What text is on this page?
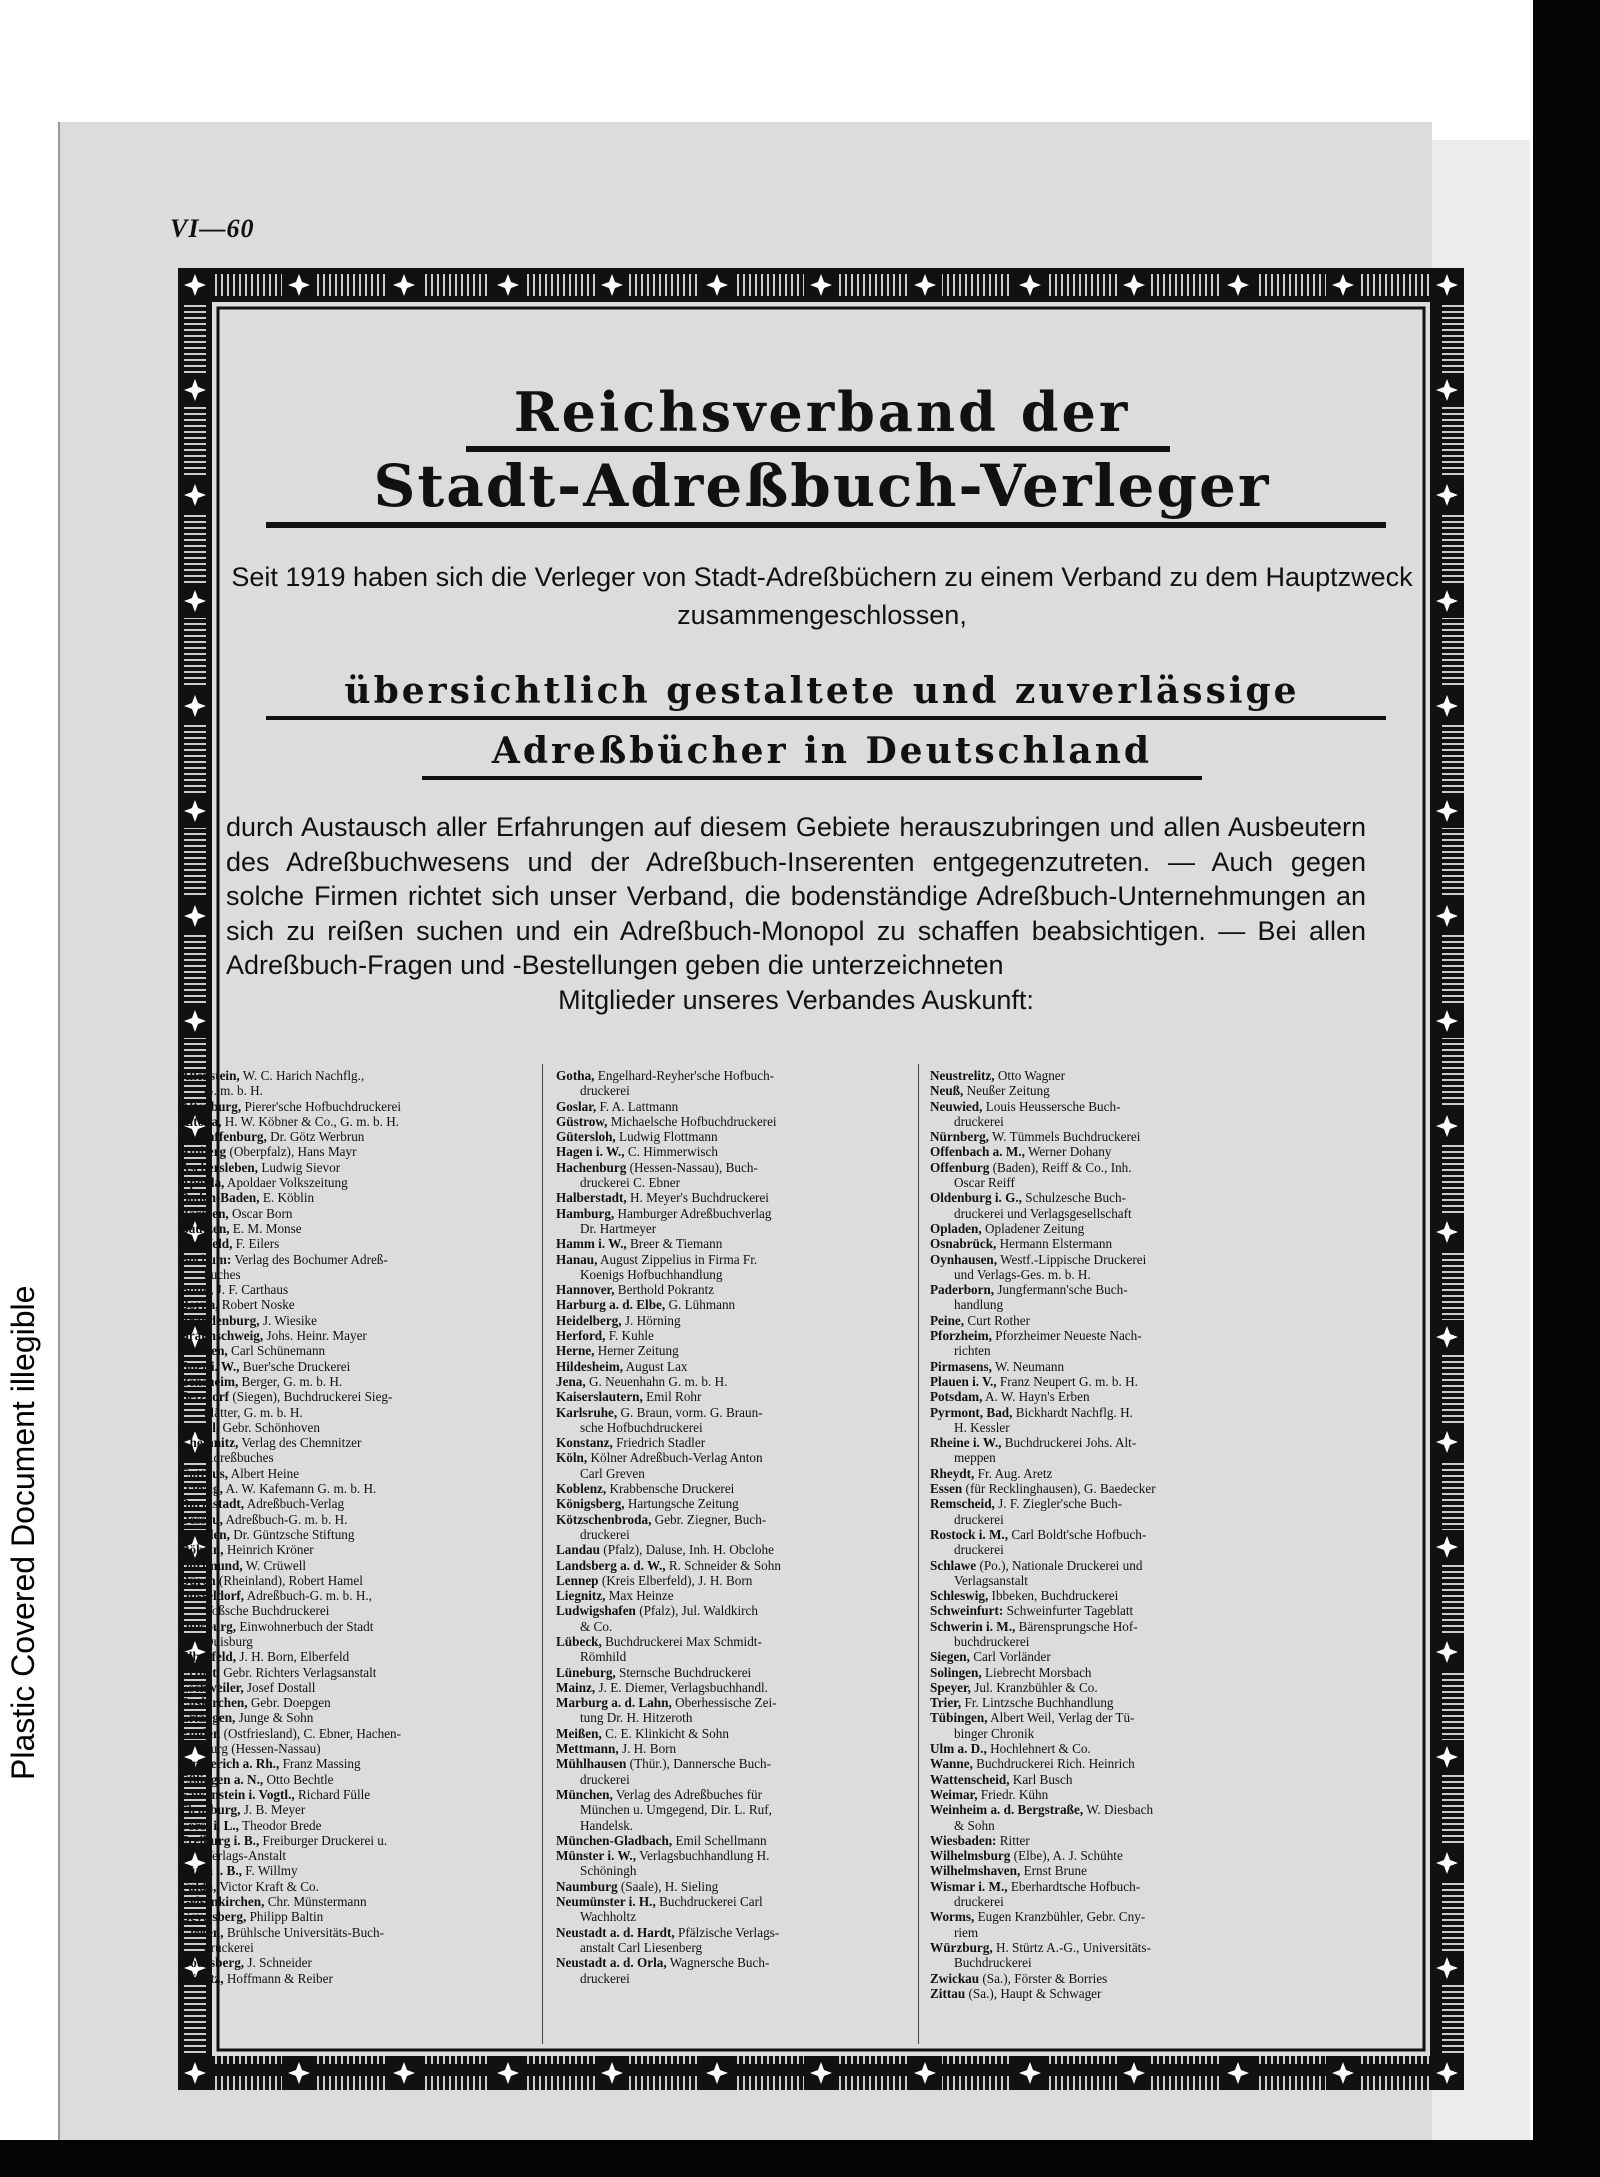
Plastic Covered Document illegible
VI—60
Reichsverband der
Stadt-Adreßbuch-Verleger
Seit 1919 haben sich die Verleger von Stadt-Adreßbüchern zu einem Verband zu dem Hauptzweck zusammengeschlossen,
übersichtlich gestaltete und zuverlässige
Adreßbücher in Deutschland
durch Austausch aller Erfahrungen auf diesem Gebiete herauszubringen und allen Ausbeutern des Adreßbuchwesens und der Adreßbuch-Inserenten entgegenzutreten. — Auch gegen solche Firmen richtet sich unser Verband, die bodenständige Adreßbuch-Unternehmungen an sich zu reißen suchen und ein Adreßbuch-Monopol zu schaffen beabsichtigen. — Bei allen Adreßbuch-Fragen und -Bestellungen geben die unterzeichneten
Mitglieder unseres Verbandes Auskunft:
Allenstein, W. C. Harich Nachflg.,
G. m. b. H.
Altenburg, Pierer'sche Hofbuchdruckerei
Altona, H. W. Köbner & Co., G. m. b. H.
Aschaffenburg, Dr. Götz Werbrun
Amberg (Oberpfalz), Hans Mayr
Aschersleben, Ludwig Sievor
Apolda, Apoldaer Volkszeitung
Baden-Baden, E. Köblin
Barmen, Oscar Born
Bautzen, E. M. Monse
Bielefeld, F. Eilers
Bochum: Verlag des Bochumer Adreß-
buches
Bonn, J. F. Carthaus
Borna, Robert Noske
Brandenburg, J. Wiesike
Braunschweig, Johs. Heinr. Mayer
Bremen, Carl Schünemann
Buer i. W., Buer'sche Druckerei
Bensheim, Berger, G. m. b. H.
Betzdorf (Siegen), Buchdruckerei Sieg-
blätter, G. m. b. H.
Cassel, Gebr. Schönhoven
Chemnitz, Verlag des Chemnitzer
Adreßbuches
Cottbus, Albert Heine
Danzig, A. W. Kafemann G. m. b. H.
Darmstadt, Adreßbuch-Verlag
Dessau, Adreßbuch-G. m. b. H.
Dresden, Dr. Güntzsche Stiftung
Döbeln, Heinrich Kröner
Dortmund, W. Crüwell
Düren (Rheinland), Robert Hamel
Düsseldorf, Adreßbuch-G. m. b. H.,
Voßsche Buchdruckerei
Duisburg, Einwohnerbuch der Stadt
Duisburg
Elberfeld, J. H. Born, Elberfeld
Erfurt, Gebr. Richters Verlagsanstalt
Eschweiler, Josef Dostall
Euskirchen, Gebr. Doepgen
Erlangen, Junge & Sohn
Emden (Ostfriesland), C. Ebner, Hachen-
burg (Hessen-Nassau)
Emmerich a. Rh., Franz Massing
Eßlingen a. N., Otto Bechtle
Falkenstein i. Vogtl., Richard Fülle
Flensburg, J. B. Meyer
Forst i. L., Theodor Brede
Freiburg i. B., Freiburger Druckerei u.
Verlags-Anstalt
Fürth i. B., F. Willmy
Fulda, Victor Kraft & Co.
Gelsenkirchen, Chr. Münstermann
Gevelsberg, Philipp Baltin
Gießen, Brühlsche Universitäts-Buch-
druckerei
Godesberg, J. Schneider
Görlitz, Hoffmann & Reiber
Gotha, Engelhard-Reyher'sche Hofbuch-
druckerei
Goslar, F. A. Lattmann
Güstrow, Michaelsche Hofbuchdruckerei
Gütersloh, Ludwig Flottmann
Hagen i. W., C. Himmerwisch
Hachenburg (Hessen-Nassau), Buch-
druckerei C. Ebner
Halberstadt, H. Meyer's Buchdruckerei
Hamburg, Hamburger Adreßbuchverlag
Dr. Hartmeyer
Hamm i. W., Breer & Tiemann
Hanau, August Zippelius in Firma Fr.
Koenigs Hofbuchhandlung
Hannover, Berthold Pokrantz
Harburg a. d. Elbe, G. Lühmann
Heidelberg, J. Hörning
Herford, F. Kuhle
Herne, Herner Zeitung
Hildesheim, August Lax
Jena, G. Neuenhahn G. m. b. H.
Kaiserslautern, Emil Rohr
Karlsruhe, G. Braun, vorm. G. Braun-
sche Hofbuchdruckerei
Konstanz, Friedrich Stadler
Köln, Kölner Adreßbuch-Verlag Anton
Carl Greven
Koblenz, Krabbensche Druckerei
Königsberg, Hartungsche Zeitung
Kötzschenbroda, Gebr. Ziegner, Buch-
druckerei
Landau (Pfalz), Daluse, Inh. H. Obclohe
Landsberg a. d. W., R. Schneider & Sohn
Lennep (Kreis Elberfeld), J. H. Born
Liegnitz, Max Heinze
Ludwigshafen (Pfalz), Jul. Waldkirch
& Co.
Lübeck, Buchdruckerei Max Schmidt-
Römhild
Lüneburg, Sternsche Buchdruckerei
Mainz, J. E. Diemer, Verlagsbuchhandl.
Marburg a. d. Lahn, Oberhessische Zei-
tung Dr. H. Hitzeroth
Meißen, C. E. Klinkicht & Sohn
Mettmann, J. H. Born
Mühlhausen (Thür.), Dannersche Buch-
druckerei
München, Verlag des Adreßbuches für
München u. Umgegend, Dir. L. Ruf,
Handelsk.
München-Gladbach, Emil Schellmann
Münster i. W., Verlagsbuchhandlung H.
Schöningh
Naumburg (Saale), H. Sieling
Neumünster i. H., Buchdruckerei Carl
Wachholtz
Neustadt a. d. Hardt, Pfälzische Verlags-
anstalt Carl Liesenberg
Neustadt a. d. Orla, Wagnersche Buch-
druckerei
Neustrelitz, Otto Wagner
Neuß, Neußer Zeitung
Neuwied, Louis Heussersche Buch-
druckerei
Nürnberg, W. Tümmels Buchdruckerei
Offenbach a. M., Werner Dohany
Offenburg (Baden), Reiff & Co., Inh.
Oscar Reiff
Oldenburg i. G., Schulzesche Buch-
druckerei und Verlagsgesellschaft
Opladen, Opladener Zeitung
Osnabrück, Hermann Elstermann
Oynhausen, Westf.-Lippische Druckerei
und Verlags-Ges. m. b. H.
Paderborn, Jungfermann'sche Buch-
handlung
Peine, Curt Rother
Pforzheim, Pforzheimer Neueste Nach-
richten
Pirmasens, W. Neumann
Plauen i. V., Franz Neupert G. m. b. H.
Potsdam, A. W. Hayn's Erben
Pyrmont, Bad, Bickhardt Nachflg. H.
H. Kessler
Rheine i. W., Buchdruckerei Johs. Alt-
meppen
Rheydt, Fr. Aug. Aretz
Essen (für Recklinghausen), G. Baedecker
Remscheid, J. F. Ziegler'sche Buch-
druckerei
Rostock i. M., Carl Boldt'sche Hofbuch-
druckerei
Schlawe (Po.), Nationale Druckerei und
Verlagsanstalt
Schleswig, Ibbeken, Buchdruckerei
Schweinfurt: Schweinfurter Tageblatt
Schwerin i. M., Bärensprungsche Hof-
buchdruckerei
Siegen, Carl Vorländer
Solingen, Liebrecht Morsbach
Speyer, Jul. Kranzbühler & Co.
Trier, Fr. Lintzsche Buchhandlung
Tübingen, Albert Weil, Verlag der Tü-
binger Chronik
Ulm a. D., Hochlehnert & Co.
Wanne, Buchdruckerei Rich. Heinrich
Wattenscheid, Karl Busch
Weimar, Friedr. Kühn
Weinheim a. d. Bergstraße, W. Diesbach
& Sohn
Wiesbaden: Ritter
Wilhelmsburg (Elbe), A. J. Schühte
Wilhelmshaven, Ernst Brune
Wismar i. M., Eberhardtsche Hofbuch-
druckerei
Worms, Eugen Kranzbühler, Gebr. Cny-
riem
Würzburg, H. Stürtz A.-G., Universitäts-
Buchdruckerei
Zwickau (Sa.), Förster & Borries
Zittau (Sa.), Haupt & Schwager
